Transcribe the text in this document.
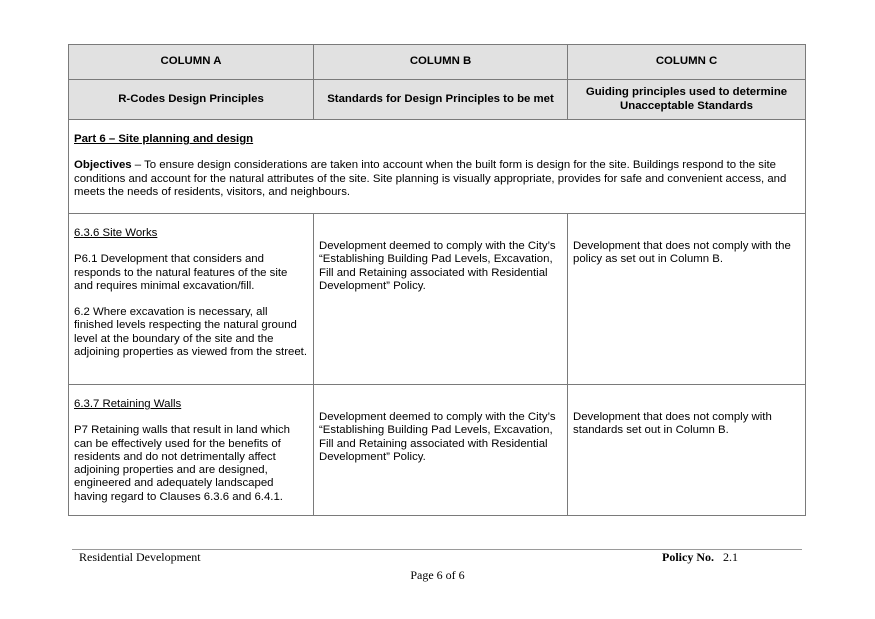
COLUMN A	COLUMN B	COLUMN C
R-Codes Design Principles	Standards for Design Principles to be met	Guiding principles used to determine Unacceptable Standards

Part 6 – Site planning and design
Objectives – To ensure design considerations are taken into account when the built form is design for the site. Buildings respond to the site conditions and account for the natural attributes of the site. Site planning is visually appropriate, provides for safe and convenient access, and meets the needs of residents, visitors, and neighbours.		

6.3.6 Site Works

P6.1 Development that considers and responds to the natural features of the site and requires minimal excavation/fill.

6.2 Where excavation is necessary, all finished levels respecting the natural ground level at the boundary of the site and the adjoining properties as viewed from the street.	Development deemed to comply with the City’s “Establishing Building Pad Levels, Excavation, Fill and Retaining associated with Residential Development” Policy.	Development that does not comply with the policy as set out in Column B.

6.3.7 Retaining Walls

P7 Retaining walls that result in land which can be effectively used for the benefits of residents and do not detrimentally affect adjoining properties and are designed, engineered and adequately landscaped having regard to Clauses 6.3.6 and 6.4.1.	Development deemed to comply with the City’s “Establishing Building Pad Levels, Excavation, Fill and Retaining associated with Residential Development” Policy.	Development that does not comply with standards set out in Column B.
Residential Development	Policy No. 2.1
Page 6 of 6
